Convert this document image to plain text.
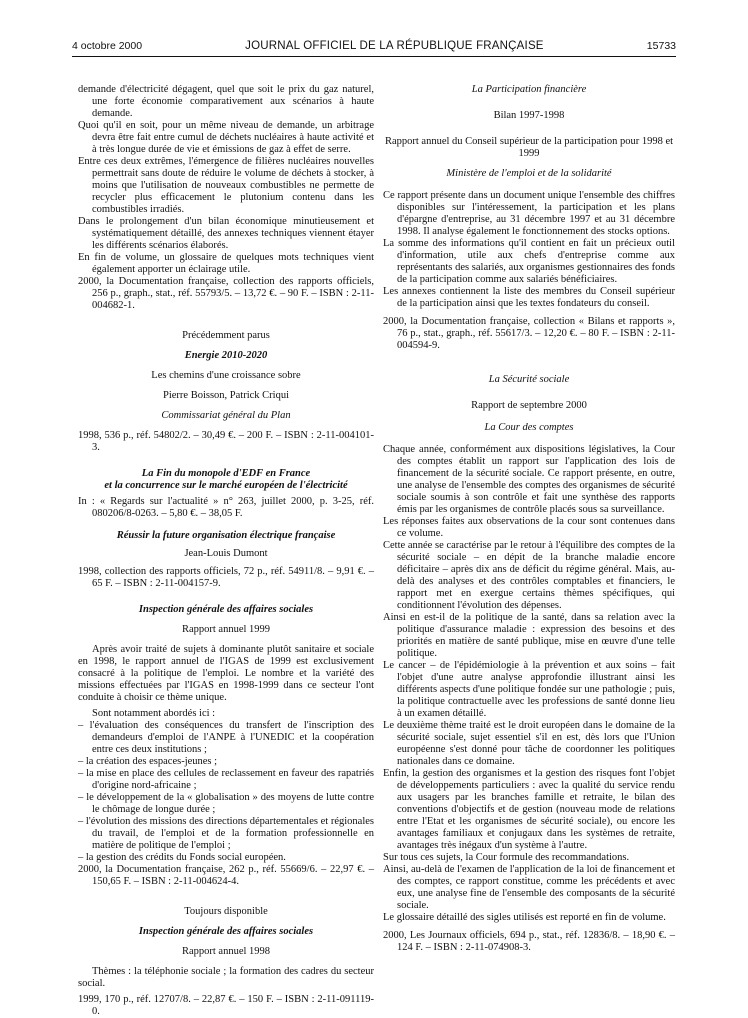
4 octobre 2000	JOURNAL OFFICIEL DE LA RÉPUBLIQUE FRANÇAISE	15733

demande d'électricité dégagent, quel que soit le prix du gaz naturel, une forte économie comparativement aux scénarios à haute demande.

Quoi qu'il en soit, pour un même niveau de demande, un arbitrage devra être fait entre cumul de déchets nucléaires à haute activité et à très longue durée de vie et émissions de gaz à effet de serre.

Entre ces deux extrêmes, l'émergence de filières nucléaires nouvelles permettrait sans doute de réduire le volume de déchets à stocker, à moins que l'utilisation de nouveaux combustibles ne permette de recycler plus efficacement le plutonium contenu dans les combustibles irradiés.

Dans le prolongement d'un bilan économique minutieusement et systématiquement détaillé, des annexes techniques viennent étayer les différents scénarios élaborés.

En fin de volume, un glossaire de quelques mots techniques vient également apporter un éclairage utile.

2000, la Documentation française, collection des rapports officiels, 256 p., graph., stat., réf. 55793/5. – 13,72 €. – 90 F. – ISBN : 2-11-004682-1.

Précédemment parus

Energie 2010-2020

Les chemins d'une croissance sobre

Pierre Boisson, Patrick Criqui

Commissariat général du Plan

1998, 536 p., réf. 54802/2. – 30,49 €. – 200 F. – ISBN : 2-11-004101-3.

La Fin du monopole d'EDF en France

et la concurrence sur le marché européen de l'électricité

In : « Regards sur l'actualité » n° 263, juillet 2000, p. 3-25, réf. 080206/8-0263. – 5,80 €. – 38,05 F.

Réussir la future organisation électrique française

Jean-Louis Dumont

1998, collection des rapports officiels, 72 p., réf. 54911/8. – 9,91 €. – 65 F. – ISBN : 2-11-004157-9.

Inspection générale des affaires sociales

Rapport annuel 1999

Après avoir traité de sujets à dominante plutôt sanitaire et sociale en 1998, le rapport annuel de l'IGAS de 1999 est exclusivement consacré à la politique de l'emploi. Le nombre et la variété des missions effectuées par l'IGAS en 1998-1999 dans ce secteur l'ont conduite à choisir ce thème unique.

Sont notamment abordés ici :

– l'évaluation des conséquences du transfert de l'inscription des demandeurs d'emploi de l'ANPE à l'UNEDIC et la coopération entre ces deux institutions ;
– la création des espaces-jeunes ;
– la mise en place des cellules de reclassement en faveur des rapatriés d'origine nord-africaine ;
– le développement de la « globalisation » des moyens de lutte contre le chômage de longue durée ;
– l'évolution des missions des directions départementales et régionales du travail, de l'emploi et de la formation professionnelle en matière de politique de l'emploi ;
– la gestion des crédits du Fonds social européen.

2000, la Documentation française, 262 p., réf. 55669/6. – 22,97 €. – 150,65 F. – ISBN : 2-11-004624-4.

Toujours disponible

Inspection générale des affaires sociales

Rapport annuel 1998

Thèmes : la téléphonie sociale ; la formation des cadres du secteur social.

1999, 170 p., réf. 12707/8. – 22,87 €. – 150 F. – ISBN : 2-11-091119-0.

La Participation financière

Bilan 1997-1998

Rapport annuel du Conseil supérieur de la participation pour 1998 et 1999

Ministère de l'emploi et de la solidarité

Ce rapport présente dans un document unique l'ensemble des chiffres disponibles sur l'intéressement, la participation et les plans d'épargne d'entreprise, au 31 décembre 1997 et au 31 décembre 1998. Il analyse également le fonctionnement des stocks options.

La somme des informations qu'il contient en fait un précieux outil d'information, utile aux chefs d'entreprise comme aux représentants des salariés, aux organismes gestionnaires des fonds de la participation comme aux salariés bénéficiaires.

Les annexes contiennent la liste des membres du Conseil supérieur de la participation ainsi que les textes fondateurs du conseil.

2000, la Documentation française, collection « Bilans et rapports », 76 p., stat., graph., réf. 55617/3. – 12,20 €. – 80 F. – ISBN : 2-11-004594-9.

La Sécurité sociale

Rapport de septembre 2000

La Cour des comptes

Chaque année, conformément aux dispositions législatives, la Cour des comptes établit un rapport sur l'application des lois de financement de la sécurité sociale. Ce rapport présente, en outre, une analyse de l'ensemble des comptes des organismes de sécurité sociale soumis à son contrôle et fait une synthèse des rapports émis par les organismes de contrôle placés sous sa surveillance.

Les réponses faites aux observations de la cour sont contenues dans ce volume.

Cette année se caractérise par le retour à l'équilibre des comptes de la sécurité sociale – en dépit de la branche maladie encore déficitaire – après dix ans de déficit du régime général. Mais, au-delà des analyses et des contrôles comptables et financiers, le rapport met en exergue certains thèmes spécifiques, qui conditionnent l'évolution des dépenses.

Ainsi en est-il de la politique de la santé, dans sa relation avec la politique d'assurance maladie : expression des besoins et des priorités en matière de santé publique, mise en œuvre d'une telle politique.

Le cancer – de l'épidémiologie à la prévention et aux soins – fait l'objet d'une autre analyse approfondie illustrant ainsi les différents aspects d'une politique fondée sur une pathologie ; puis, la politique contractuelle avec les professions de santé donne lieu à un examen détaillé.

Le deuxième thème traité est le droit européen dans le domaine de la sécurité sociale, sujet essentiel s'il en est, dès lors que l'Union européenne s'est donné pour tâche de coordonner les politiques nationales dans ce domaine.

Enfin, la gestion des organismes et la gestion des risques font l'objet de développements particuliers : avec la qualité du service rendu aux usagers par les branches famille et retraite, le bilan des conventions d'objectifs et de gestion (nouveau mode de relations entre l'Etat et les organismes de sécurité sociale), ou encore les avantages familiaux et conjugaux dans les systèmes de retraite, avantages très inégaux d'un système à l'autre.

Sur tous ces sujets, la Cour formule des recommandations.

Ainsi, au-delà de l'examen de l'application de la loi de financement et des comptes, ce rapport constitue, comme les précédents et avec eux, une analyse fine de l'ensemble des composants de la sécurité sociale.

Le glossaire détaillé des sigles utilisés est reporté en fin de volume.

2000, Les Journaux officiels, 694 p., stat., réf. 12836/8. – 18,90 €. – 124 F. – ISBN : 2-11-074908-3.
